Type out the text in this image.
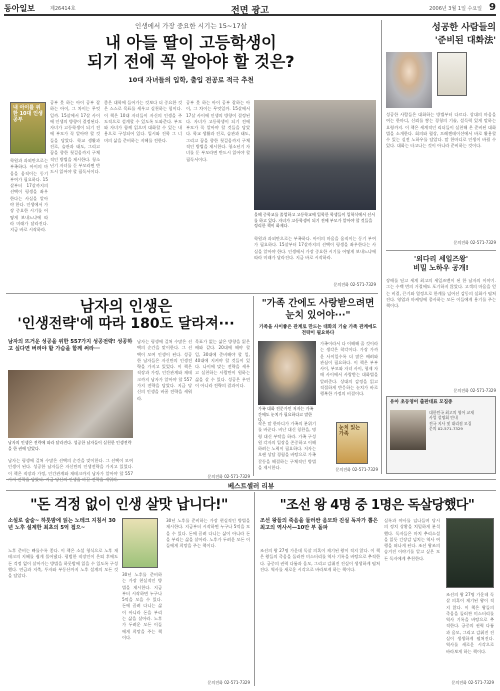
동아일보	제26414호	전면 광고	2006년 3월 1일 수요일 9
인생에서 가장 중요한 시기는 15~17살
내 아들 딸이 고등학생이
되기 전에 꼭 알아야 할 것은?
10대 자녀들의 입학, 출입 전공로 적극 추천
내 아이를 위한 10대 인생 공부

공부 못 하는 아이 공부 잘하는 아이, 그 차이는 무엇일까. 15살에서 17살 사이에 인생의 방향이 결정된다. 자녀가 고등학생이 되기 전에 부모가 꼭 알아야 할 것들을 담았다. 학교 생활과 진로, 습관과 태도, 그리고 꿈을 향한 첫걸음까지 구체적인 방법을 제시한다. 청소년기 자녀를 둔 부모라면 반드시 읽어야 할 필독서이다.

학원과 과외만으로는 부족하다. 아이의 마음을 움직이는 동기 부여가 필요하다. 15살부터 17살까지의 선택이 평생을 좌우한다는 사실을 알아야 한다. 인생에서 가장 중요한 시기를 어떻게 보내느냐에 따라 미래가 달라진다. 지금 바로 시작하라.

좋은 대학에 들어가는 것보다 더 중요한 것은 스스로 목표를 세우고 실천하는 힘이다. 이 책은 10대 자녀들이 자신의 인생을 주도적으로 설계할 수 있도록 도와준다. 부모와 자녀가 함께 읽으며 대화할 수 있는 내용으로 구성되어 있다. 입시와 진학 그 너머의 삶을 준비하는 지혜를 전한다.

공부 못 하는 아이 공부 잘하는 아이, 그 차이는 무엇일까. 15살에서 17살 사이에 인생의 방향이 결정된다. 자녀가 고등학생이 되기 전에 부모가 꼭 알아야 할 것들을 담았다. 학교 생활과 진로, 습관과 태도, 그리고 꿈을 향한 첫걸음까지 구체적인 방법을 제시한다. 청소년기 자녀를 둔 부모라면 반드시 읽어야 할 필독서이다.

올해 중학교를 졸업하고 고등학교에 입학한 학생들이 입학식에서 선서를 하고 있다. 자녀가 고등학생이 되기 전에 부모가 알아야 할 것들을 정리한 책이 화제다.

학원과 과외만으로는 부족하다. 아이의 마음을 움직이는 동기 부여가 필요하다. 15살부터 17살까지의 선택이 평생을 좌우한다는 사실을 알아야 한다. 인생에서 가장 중요한 시기를 어떻게 보내느냐에 따라 미래가 달라진다. 지금 바로 시작하라.

문의전화 02-571-7329
성공한 사람들의
'준비된 대화法'

성공한 사람들은 대화하는 방법부터 다르다. 상대의 마음을 여는 한마디, 신뢰를 쌓는 경청의 기술, 설득력 있게 말하는 요령까지. 이 책은 세계적인 리더들이 실천해 온 준비된 대화법을 소개한다. 회의와 협상, 프레젠테이션에서 바로 활용할 수 있는 실전 노하우를 담았다. 말 한마디로 인생이 바뀔 수 있다. 대화는 타고나는 것이 아니라 준비하는 것이다.

문의전화 02-571-7329
'외다리 세일즈왕'
비밀 노하우 공개!

장애를 딛고 세계 최고의 세일즈맨이 된 한 남자의 이야기. 그는 수백 번의 거절에도 포기하지 않았다. 고객의 마음을 얻는 비결, 끈기와 열정으로 한계를 넘어선 감동의 실화가 펼쳐진다. 영업과 마케팅에 종사하는 모든 이들에게 용기를 주는 책이다.

문의전화 02-571-7329
유아 초등영어 출판대표 모집중
대한민국 최고의 영어 교재
사업 설명회 안내
전국 지사 및 대리점 모집
문의 02-571-7329
남자의 인생은
'인생전략'에 따라 180도 달라져···
남자의 뜨거운 성공을 위한 557가지 성공전략! 성공하고 싶다면 버려야 할 가슴을 함께 써라···
남자의 인생은 전략에 따라 달라진다. 성공한 남자들이 실천한 인생전략을 한 권에 담았다.

남자는 평생에 걸쳐 수많은 선택의 순간을 맞이한다. 그 선택이 모여 인생이 된다. 성공한 남자들은 자신만의 인생전략을 가지고 있었다. 이 책은 직장과 가정, 인간관계와 재테크까지 남자가 알아야 할 557

남자는 평생에 걸쳐 수많은 선택의 순간을 맞이한다. 그 선택이 모여 인생이 된다. 성공한 남자들은 자신만의 인생전략을 가지고 있었다. 이 책은 직장과 가정, 인간관계와 재테크까지 남자가 알아야 할 557가지 전략을 담았다. 지금 당신의 인생을 바꿀 전략을 세워라.

목표가 없는 삶은 방향을 잃은 배와 같다. 20대에 해야 할 일, 30대에 준비해야 할 일, 40대에 지켜야 할 것들이 있다. 나이에 맞는 전략을 세우고 실천하는 사람만이 원하는 삶을 살 수 있다. 성공은 우연이 아니라 전략의 결과이다.

문의전화 02-571-7329
"가족 간에도 사랑받으려면
눈치 있어야···"
가족을 사이좋은 관계로 만드는 대화의 기술 가족 관계에도 전략이 필요하다
가족 대화 전문가인 저자는 가족 간에도 눈치가 필요하다고 말한다.

작은 말 한마디가 가족의 분위기를 바꾼다. 비난 대신 칭찬을, 명령 대신 부탁을 하라. 가족 구성원 각자의 입장을 존중하고 이해하려는 노력이 필요하다. 저자는 오랜 상담 경험을 바탕으로 가족 갈등을 해결하는 구체적인 방법을 제시한다.

가족이라서 다 이해해 줄 것이라는 생각은 착각이다. 가장 가까운 사이일수록 더 많은 배려와 관심이 필요하다. 이 책은 부부 사이, 부모와 자녀 사이, 형제 자매 사이에서 사랑받는 대화법을 알려준다. 상대의 감정을 읽고 적절하게 반응하는 눈치가 바로 행복한 가정의 비결이다.

눈치 있는 가족
문의전화 02-571-7329
베스트셀러 리뷰
"돈 걱정 없이 인생 살맛 납니다!"
소설로 술술~ 하룻밤에 읽는 노테크 지침서 30년 노후 설계한 최초의 5억 접으~

노후 준비는 빠를수록 좋다. 이 책은 소설 형식으로 노후 재테크의 지혜를 쉽게 풀어냈다. 평범한 직장인이 은퇴 후에도 돈 걱정 없이 살아가는 방법을 하룻밤에 읽을 수 있도록 구성했다. 연금과 저축, 투자와 부동산까지 노후 설계의 모든 것을 담았다.	30년 노후를 준비하는 가장 현실적인 방법을 제시한다. 지금부터 시작하면 누구나 5억을 모을 수 있다. 돈에 끌려 다니는 삶이 아니라 돈을 부리는 삶을 살아라. 노후가 두려운 모든 이들에게 희망을 주는 책이다.

30년 노후를 준비하는 가장 현실적인 방법을 제시한다. 지금부터 시작하면 누구나 5억을 모을 수 있다. 돈에 끌려 다니는 삶이 아니라 돈을 부리는 삶을 살아라. 노후가 두려운 모든 이들에게 희망을 주는 책이다.

문의전화 02-571-7329
"조선 왕 4명 중 1명은 독살당했다"
조선 왕들의 죽음을 둘러싼 음모와 진실 독자가 뽑은 최고의 역사서—10만 부 돌파

조선의 왕 27명 가운데 독살 의혹이 제기된 왕이 적지 않다. 이 책은 왕들의 죽음을 둘러싼 미스터리를 역사 기록을 바탕으로 추적한다. 궁중의 권력 다툼과 음모, 그리고 감춰진 진실이 생생하게 펼쳐진다. 역사를 새로운 시각으로 바라보게 하는 책이다.

실록과 야사를 넘나들며 당시의 정치 상황을 치밀하게 분석했다. 독자들은 마치 추리소설을 읽듯 긴장감 넘치는 역사 여행을 떠나게 된다. 조선 왕조의 숨겨진 이야기를 알고 싶은 모든 독자에게 추천한다.

조선의 왕 27명 가운데 독살 의혹이 제기된 왕이 적지 않다. 이 책은 왕들의 죽음을 둘러싼 미스터리를 역사 기록을 바탕으로 추적한다. 궁중의 권력 다툼과 음모, 그리고 감춰진 진실이 생생하게 펼쳐진다. 역사를 새로운 시각으로 바라보게 하는 책이다.

문의전화 02-571-7329
